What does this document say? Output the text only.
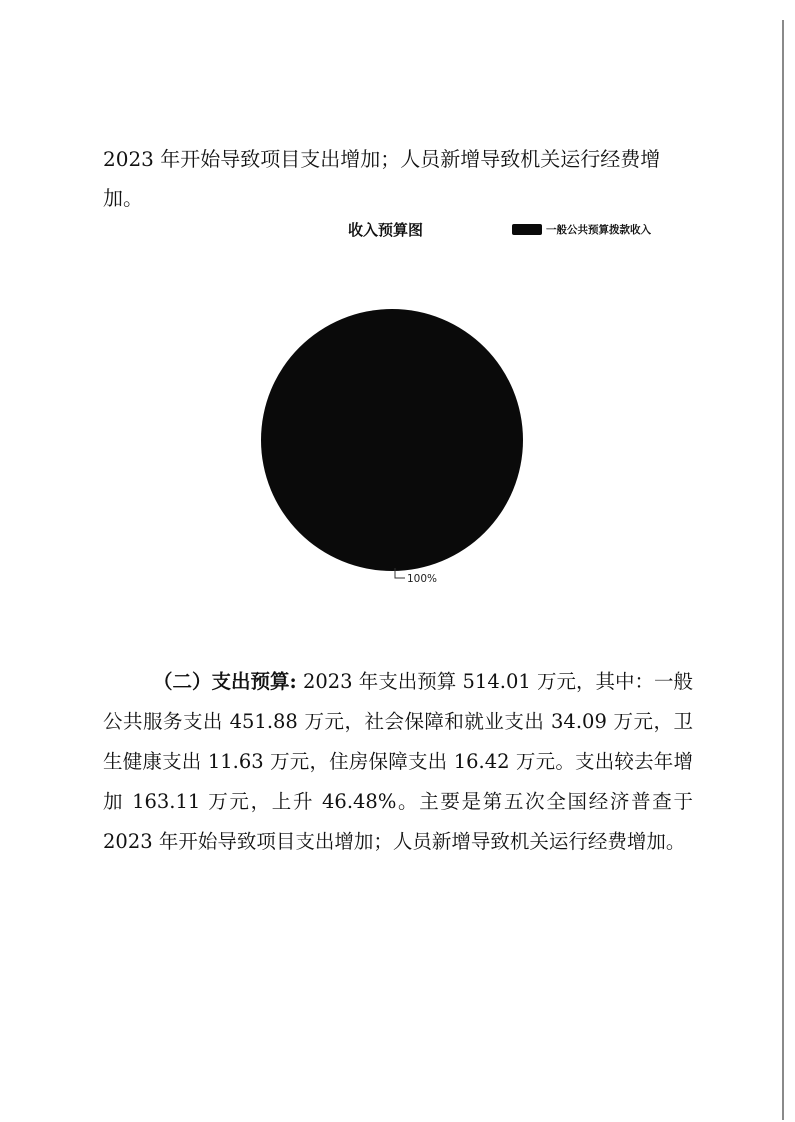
2023 年开始导致项目支出增加；人员新增导致机关运行经费增
加。

收入预算图	一般公共预算拨款收入
100%

（二）支出预算: 2023 年支出预算 514.01 万元，其中：一般公共服务支出 451.88 万元，社会保障和就业支出 34.09 万元，卫生健康支出 11.63 万元，住房保障支出 16.42 万元。支出较去年增加 163.11 万元，上升 46.48%。主要是第五次全国经济普查于 2023 年开始导致项目支出增加；人员新增导致机关运行经费增加。
